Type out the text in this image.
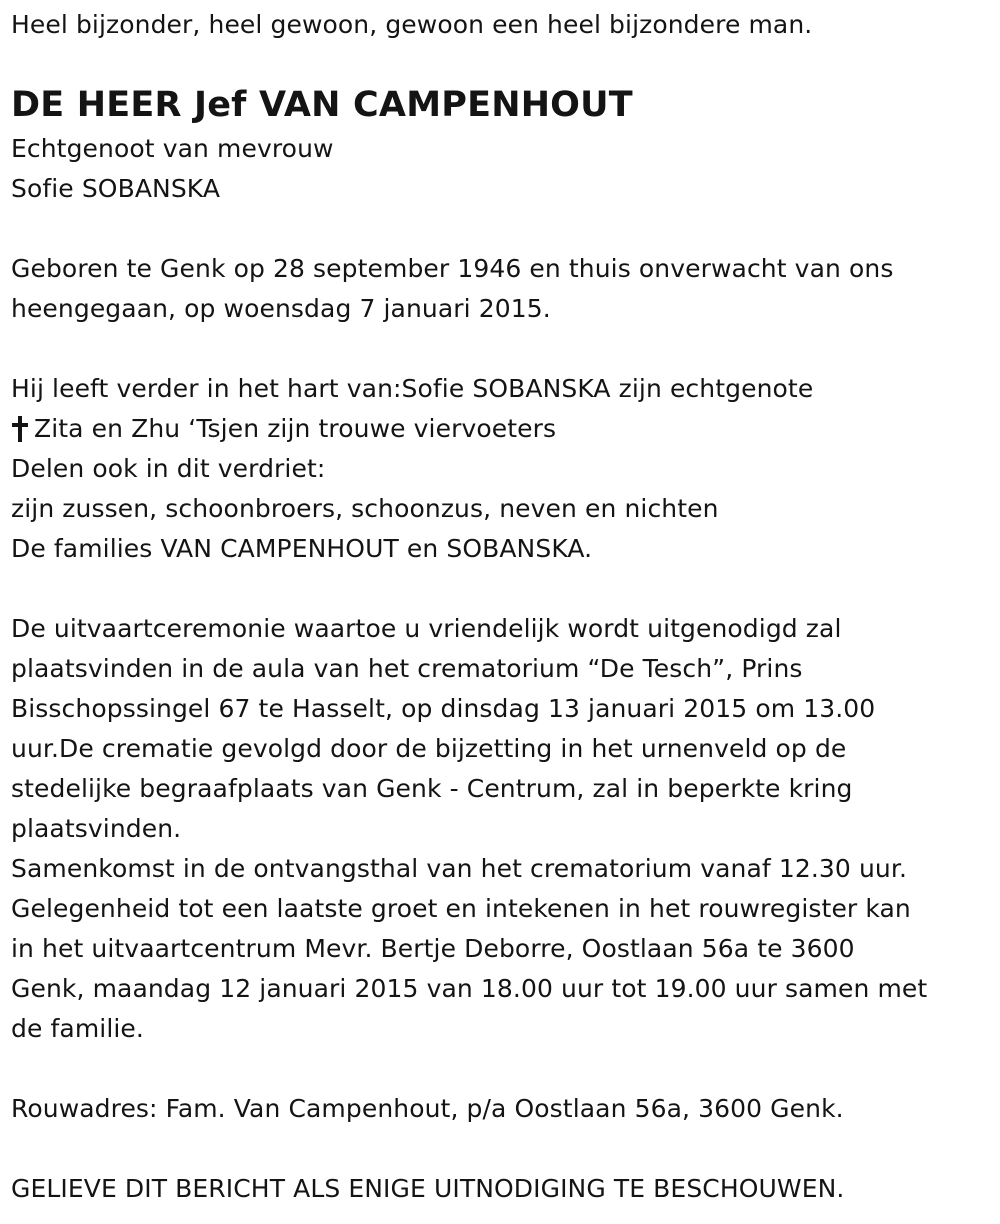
Heel bijzonder, heel gewoon, gewoon een heel bijzondere man.
DE HEER Jef VAN CAMPENHOUT
Echtgenoot van mevrouw
Sofie SOBANSKA
Geboren te Genk op 28 september 1946 en thuis onverwacht van ons
heengegaan, op woensdag 7 januari 2015.
Hij leeft verder in het hart van:Sofie SOBANSKA zijn echtgenote
Zita en Zhu ‘Tsjen zijn trouwe viervoeters
Delen ook in dit verdriet:
zijn zussen, schoonbroers, schoonzus, neven en nichten
De families VAN CAMPENHOUT en SOBANSKA.
De uitvaartceremonie waartoe u vriendelijk wordt uitgenodigd zal
plaatsvinden in de aula van het crematorium “De Tesch”, Prins
Bisschopssingel 67 te Hasselt, op dinsdag 13 januari 2015 om 13.00
uur.De crematie gevolgd door de bijzetting in het urnenveld op de
stedelijke begraafplaats van Genk - Centrum, zal in beperkte kring
plaatsvinden.
Samenkomst in de ontvangsthal van het crematorium vanaf 12.30 uur.
Gelegenheid tot een laatste groet en intekenen in het rouwregister kan
in het uitvaartcentrum Mevr. Bertje Deborre, Oostlaan 56a te 3600
Genk, maandag 12 januari 2015 van 18.00 uur tot 19.00 uur samen met
de familie.
Rouwadres: Fam. Van Campenhout, p/a Oostlaan 56a, 3600 Genk.
GELIEVE DIT BERICHT ALS ENIGE UITNODIGING TE BESCHOUWEN.
